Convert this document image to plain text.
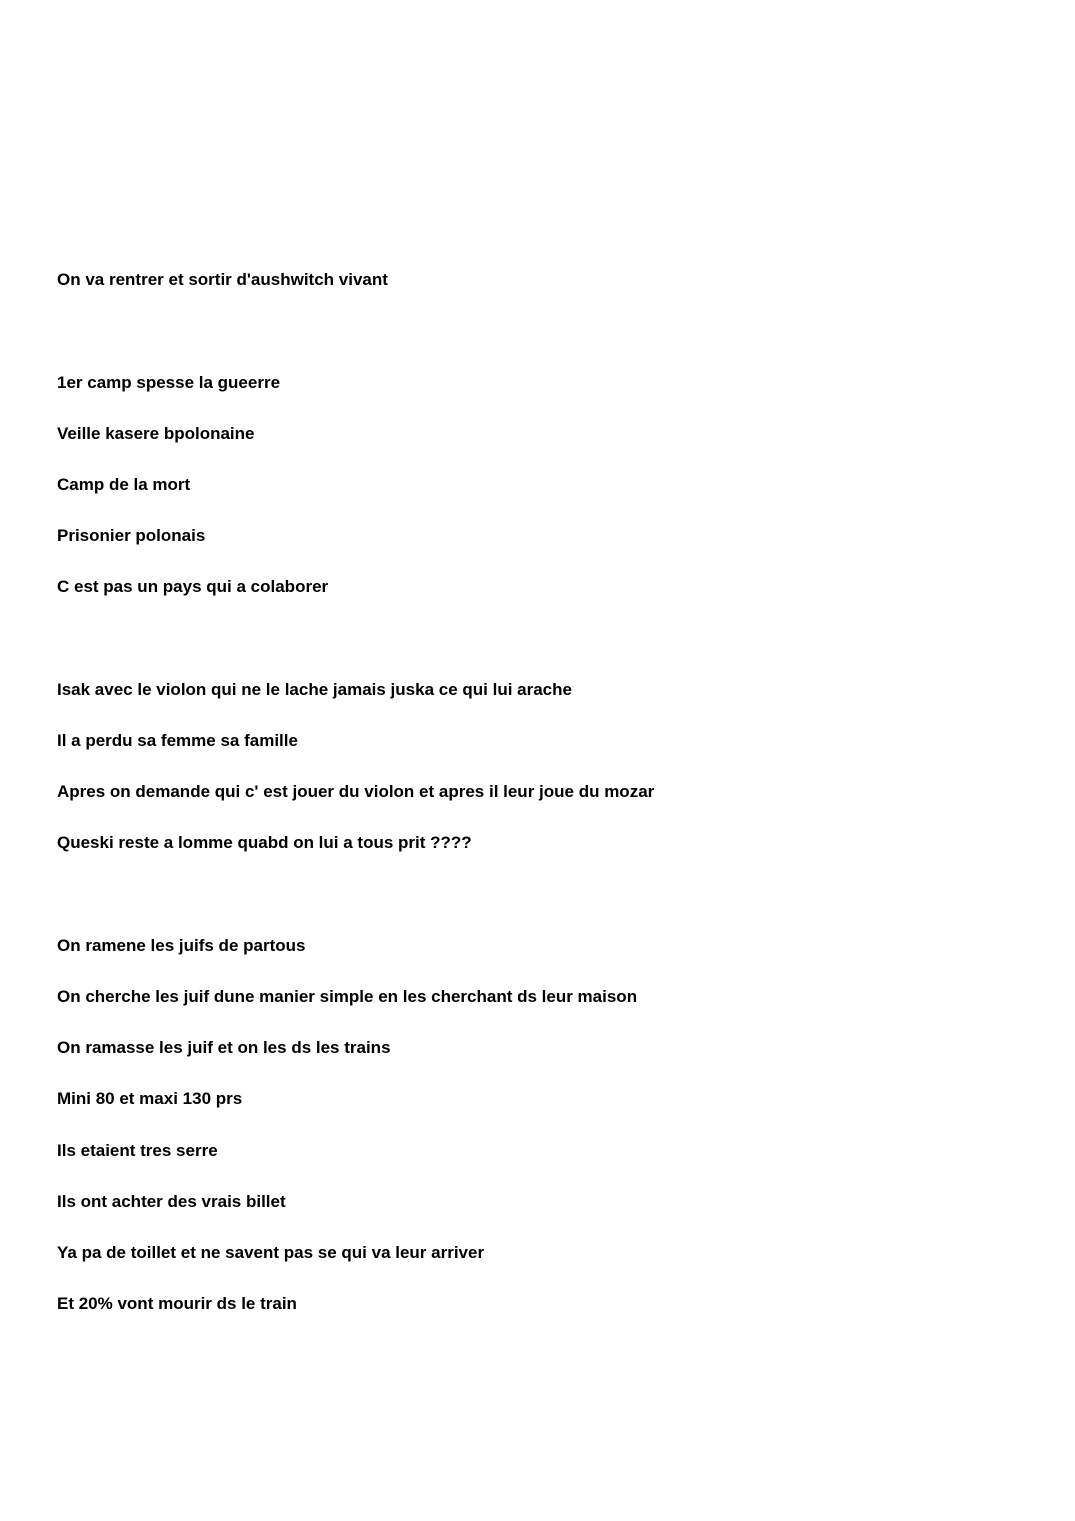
On va rentrer et sortir d'aushwitch vivant
1er camp spesse la gueerre
Veille kasere bpolonaine
Camp de la mort
Prisonier polonais
C est pas un pays qui a colaborer
Isak avec le violon qui ne le lache jamais juska ce qui lui arache
Il a perdu sa femme sa famille
Apres on demande qui c' est jouer du violon et apres il leur joue du mozar
Queski reste a lomme quabd on lui a tous prit ????
On ramene les juifs de partous
On cherche les juif dune manier simple en les cherchant ds leur maison
On ramasse les juif et on les ds les trains
Mini 80 et maxi 130 prs
Ils etaient tres serre
Ils ont achter des vrais billet
Ya pa de toillet et ne savent pas se qui va leur arriver
Et 20% vont mourir ds le train
